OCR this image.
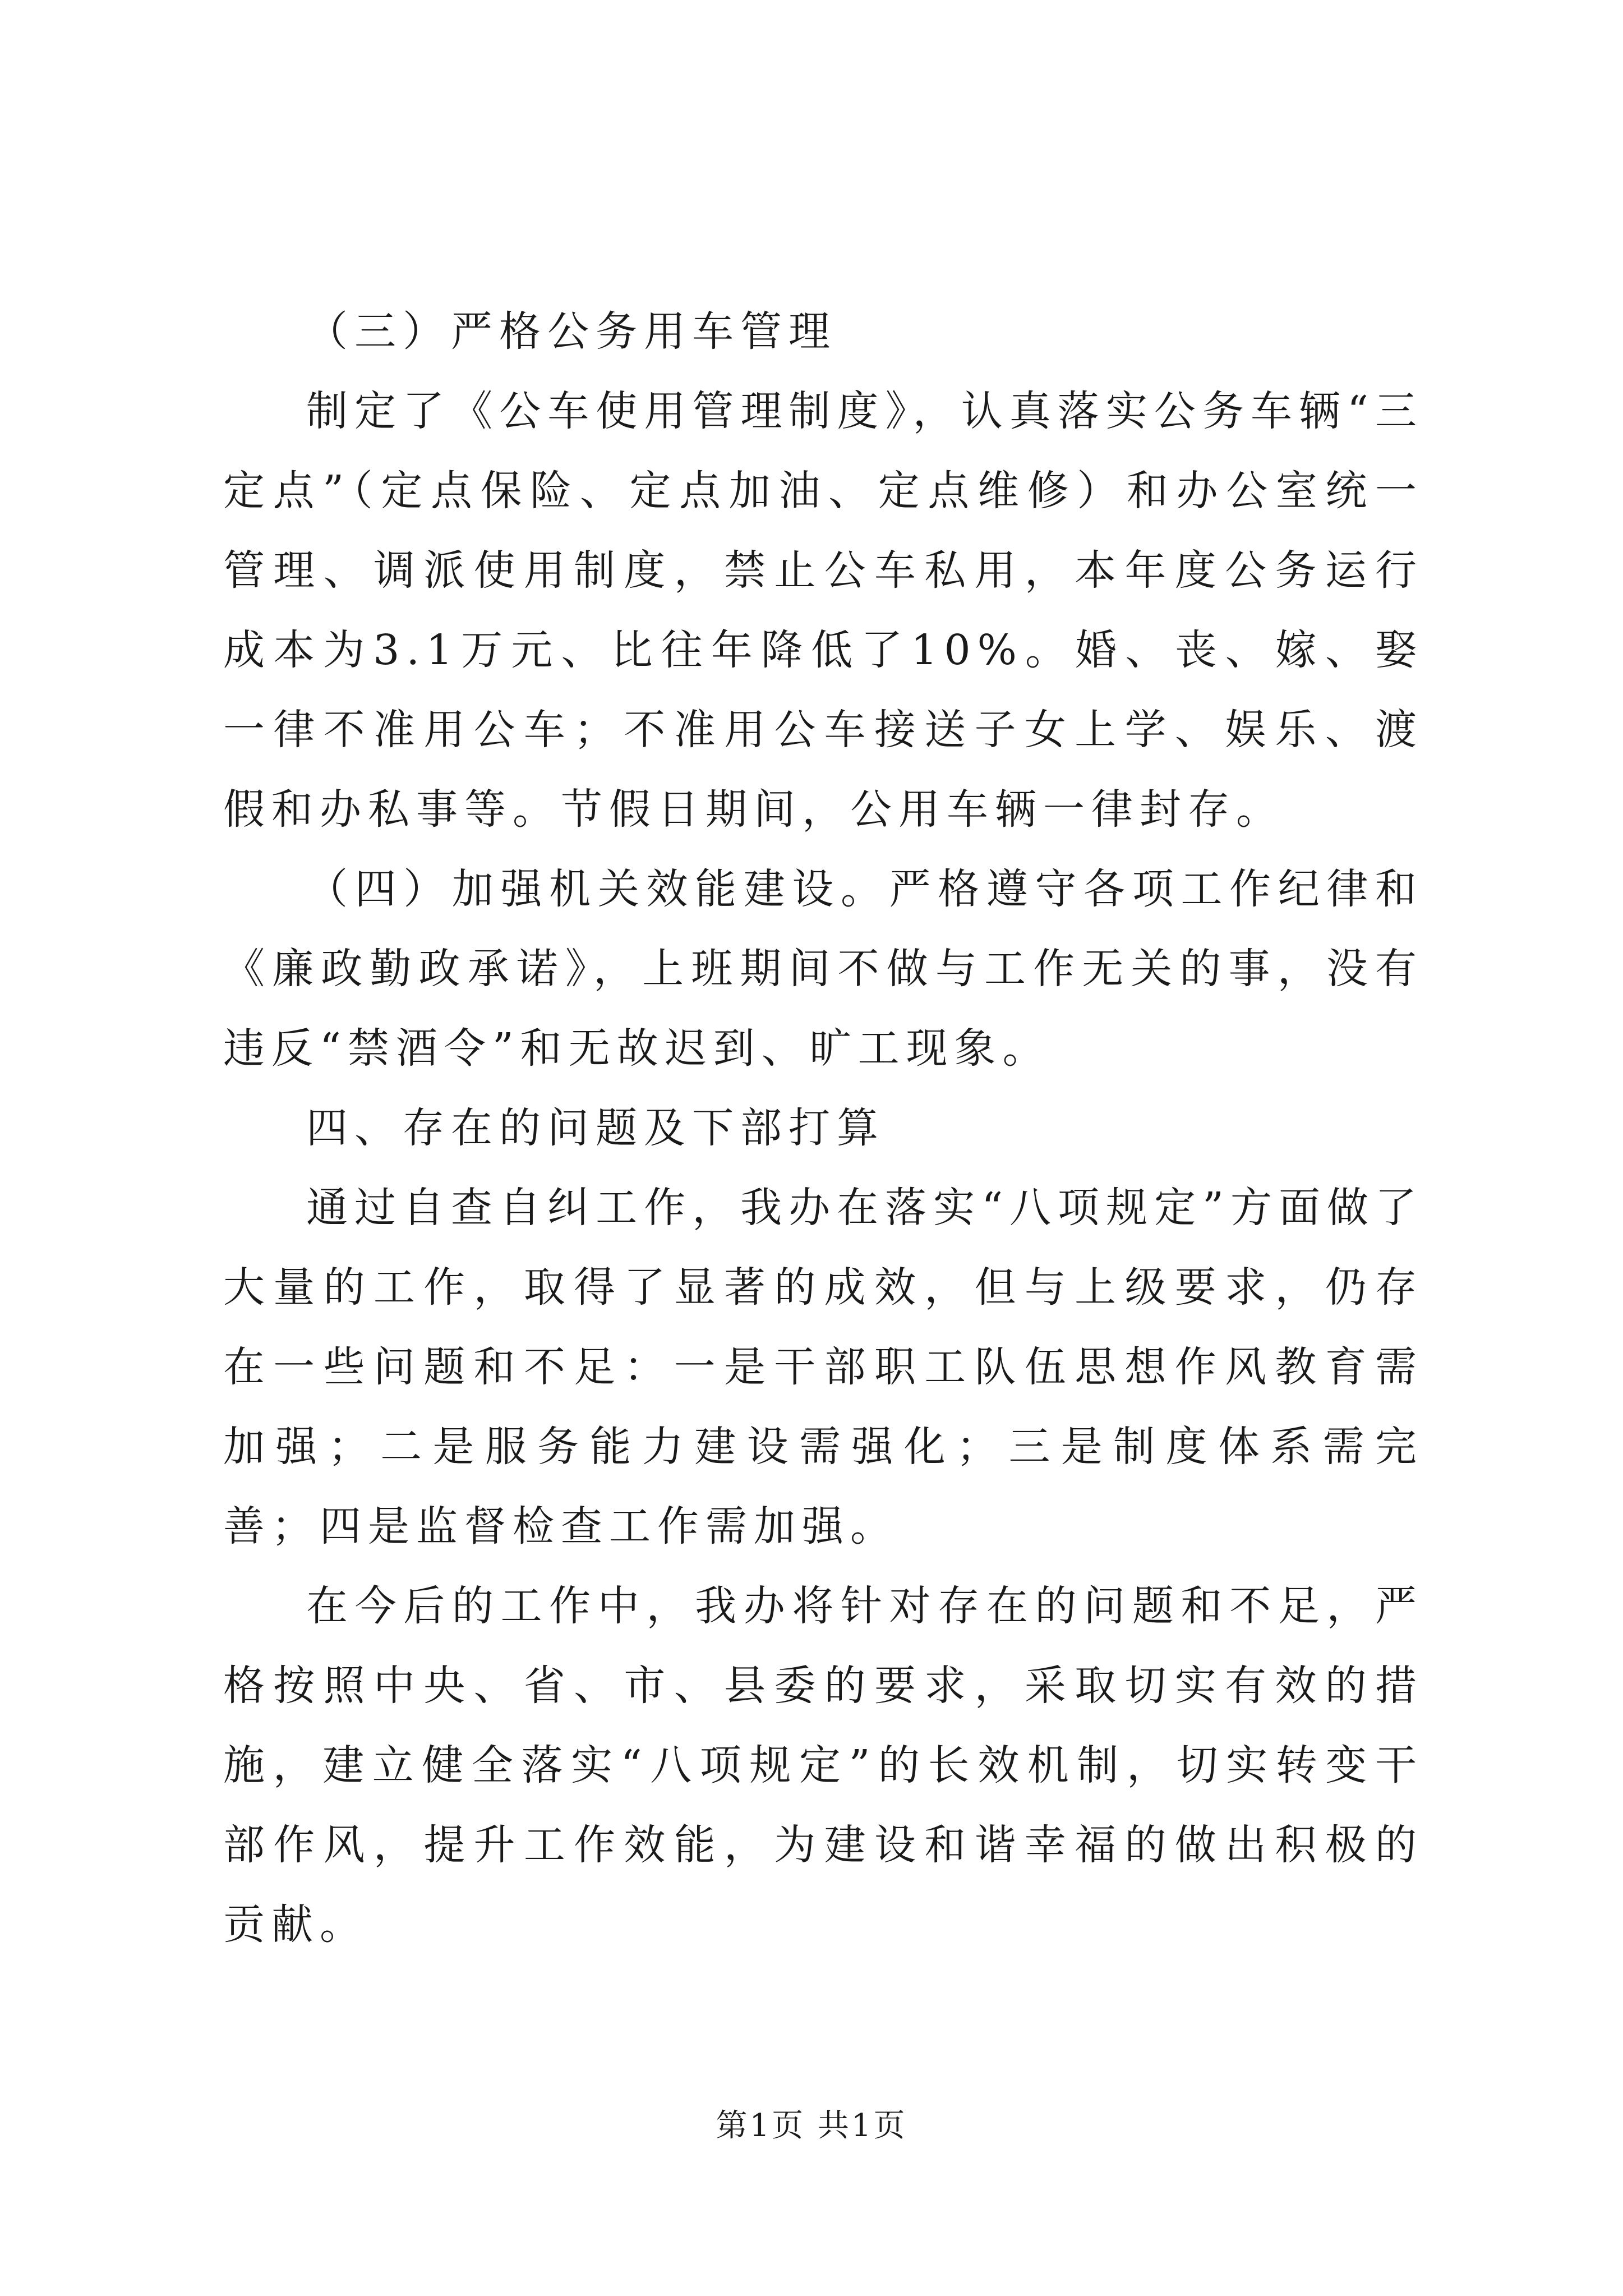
（三）严格公务用车管理

制定了《公车使用管理制度》，认真落实公务车辆“三定点”（定点保险、定点加油、定点维修）和办公室统一管理、调派使用制度，禁止公车私用，本年度公务运行成本为3.1万元、比往年降低了10%。婚、丧、嫁、娶一律不准用公车；不准用公车接送子女上学、娱乐、渡假和办私事等。节假日期间，公用车辆一律封存。

（四）加强机关效能建设。严格遵守各项工作纪律和《廉政勤政承诺》，上班期间不做与工作无关的事，没有违反“禁酒令”和无故迟到、旷工现象。

四、存在的问题及下部打算

通过自查自纠工作，我办在落实“八项规定”方面做了大量的工作，取得了显著的成效，但与上级要求，仍存在一些问题和不足：一是干部职工队伍思想作风教育需加强；二是服务能力建设需强化；三是制度体系需完善；四是监督检查工作需加强。

在今后的工作中，我办将针对存在的问题和不足，严格按照中央、省、市、县委的要求，采取切实有效的措施，建立健全落实“八项规定”的长效机制，切实转变干部作风，提升工作效能，为建设和谐幸福的做出积极的贡献。

第1页 共1页
